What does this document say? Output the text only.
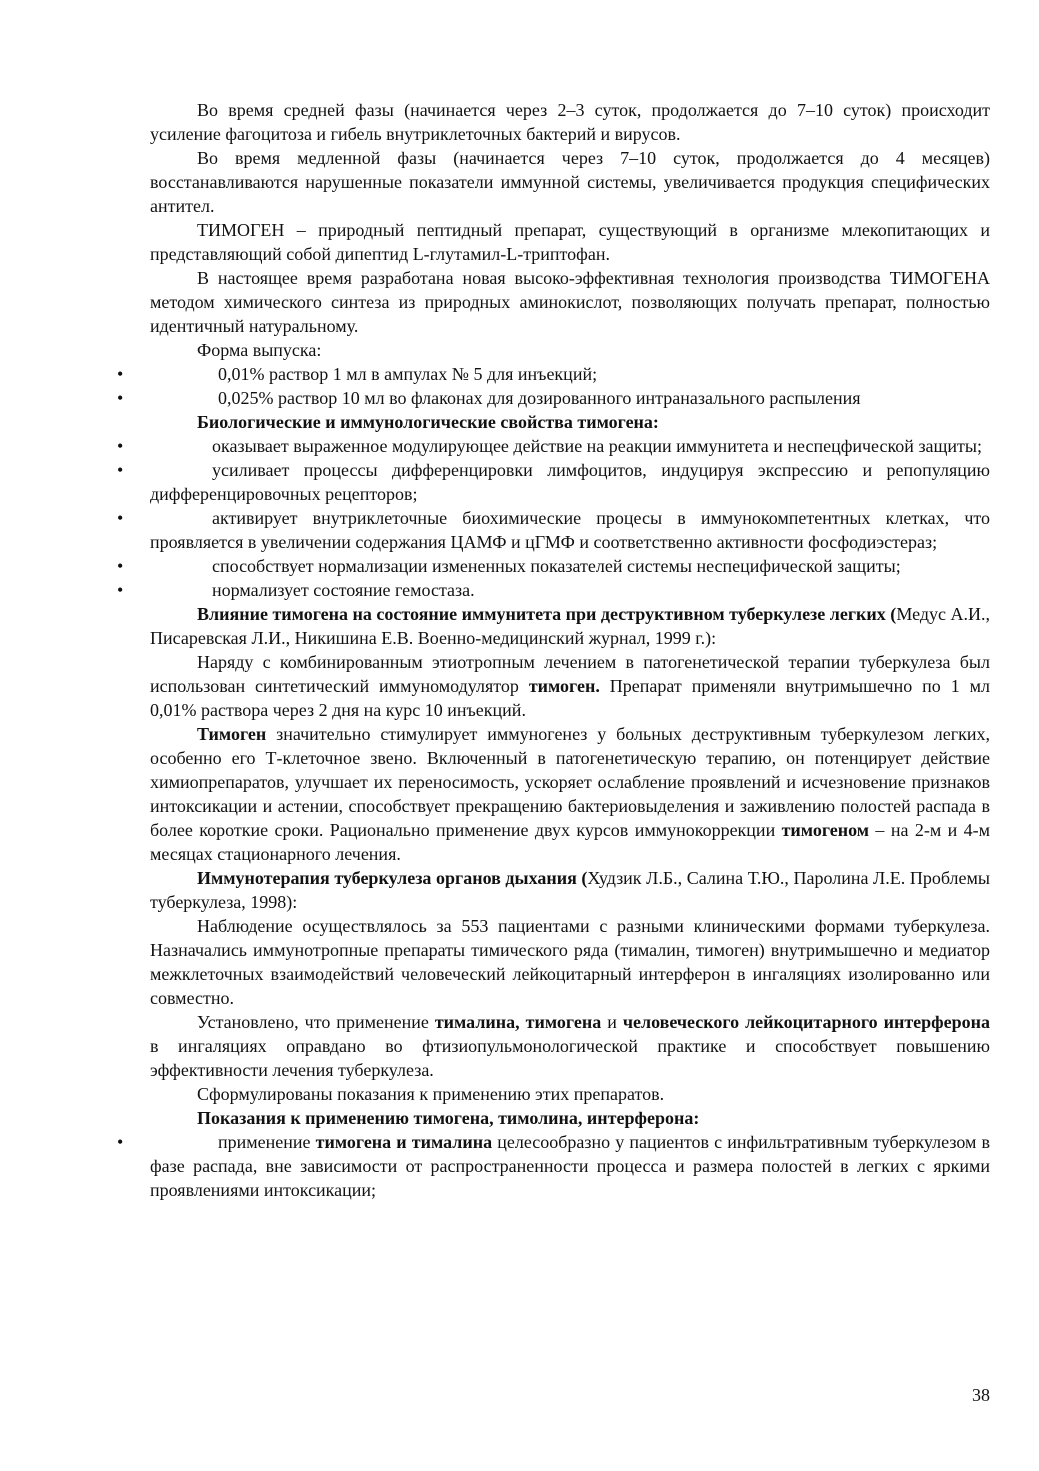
Во время средней фазы (начинается через 2–3 суток, продолжается до 7–10 суток) происходит усиление фагоцитоза и гибель внутриклеточных бактерий и вирусов.

Во время медленной фазы (начинается через 7–10 суток, продолжается до 4 месяцев) восстанавливаются нарушенные показатели иммунной системы, увеличивается продукция специфических антител.

ТИМОГЕН – природный пептидный препарат, существующий в организме млекопитающих и представляющий собой дипептид L-глутамил-L-триптофан.

В настоящее время разработана новая высоко-эффективная технология производства ТИМОГЕНА методом химического синтеза из природных аминокислот, позволяющих получать препарат, полностью идентичный натуральному.

Форма выпуска:

•	0,01% раствор 1 мл в ампулах № 5 для инъекций;

•	0,025% раствор 10 мл во флаконах для дозированного интраназального распыления

Биологические и иммунологические свойства тимогена:

•	оказывает выраженное модулирующее действие на реакции иммунитета и неспецфической защиты;

•	усиливает процессы дифференцировки лимфоцитов, индуцируя экспрессию и репопуляцию дифференцировочных рецепторов;

•	активирует внутриклеточные биохимические процесы в иммунокомпетентных клетках, что проявляется в увеличении содержания ЦАМФ и цГМФ и соответственно активности фосфодиэстераз;

•	способствует нормализации измененных показателей системы неспецифической защиты;

•	нормализует состояние гемостаза.

Влияние тимогена на состояние иммунитета при деструктивном туберкулезе легких (Медус А.И., Писаревская Л.И., Никишина Е.В. Военно-медицинский журнал, 1999 г.):

Наряду с комбинированным этиотропным лечением в патогенетической терапии туберкулеза был использован синтетический иммуномодулятор тимоген. Препарат применяли внутримышечно по 1 мл 0,01% раствора через 2 дня на курс 10 инъекций.

Тимоген значительно стимулирует иммуногенез у больных деструктивным туберкулезом легких, особенно его Т-клеточное звено. Включенный в патогенетическую терапию, он потенцирует действие химиопрепаратов, улучшает их переносимость, ускоряет ослабление проявлений и исчезновение признаков интоксикации и астении, способствует прекращению бактериовыделения и заживлению полостей распада в более короткие сроки. Рационально применение двух курсов иммунокоррекции тимогеном – на 2-м и 4-м месяцах стационарного лечения.

Иммунотерапия туберкулеза органов дыхания (Худзик Л.Б., Салина Т.Ю., Паролина Л.Е. Проблемы туберкулеза, 1998):

Наблюдение осуществлялось за 553 пациентами с разными клиническими формами туберкулеза. Назначались иммунотропные препараты тимического ряда (тималин, тимоген) внутримышечно и медиатор межклеточных взаимодействий человеческий лейкоцитарный интерферон в ингаляциях изолированно или совместно.

Установлено, что применение тималина, тимогена и человеческого лейкоцитарного интерферона в ингаляциях оправдано во фтизиопульмонологической практике и способствует повышению эффективности лечения туберкулеза.

Сформулированы показания к применению этих препаратов.

Показания к применению тимогена, тимолина, интерферона:

•	применение тимогена и тималина целесообразно у пациентов с инфильтративным туберкулезом в фазе распада, вне зависимости от распространенности процесса и размера полостей в легких с яркими проявлениями интоксикации;

38
